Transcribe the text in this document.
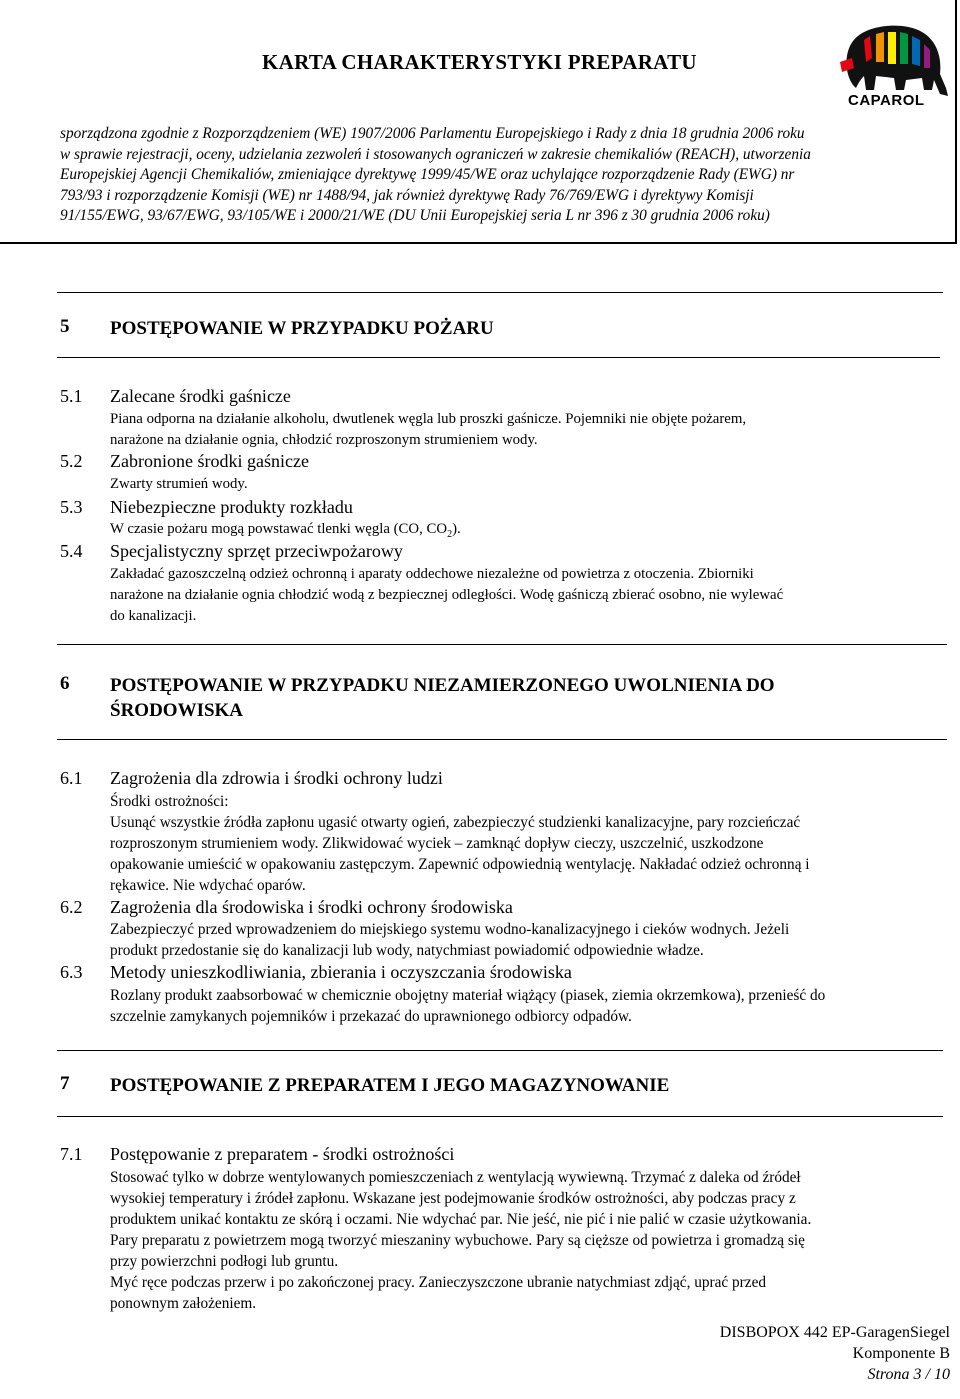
KARTA CHARAKTERYSTYKI PREPARATU
CAPAROL
sporządzona zgodnie z Rozporządzeniem (WE) 1907/2006 Parlamentu Europejskiego i Rady z dnia 18 grudnia 2006 roku
w sprawie rejestracji, oceny, udzielania zezwoleń i stosowanych ograniczeń w zakresie chemikaliów (REACH), utworzenia
Europejskiej Agencji Chemikaliów, zmieniające dyrektywę 1999/45/WE oraz uchylające rozporządzenie Rady (EWG) nr
793/93 i rozporządzenie Komisji (WE) nr 1488/94, jak również dyrektywę Rady 76/769/EWG i dyrektywy Komisji
91/155/EWG, 93/67/EWG, 93/105/WE i 2000/21/WE (DU Unii Europejskiej seria L nr 396 z 30 grudnia 2006 roku)
5 POSTĘPOWANIE W PRZYPADKU POŻARU
5.1 Zalecane środki gaśnicze
Piana odporna na działanie alkoholu, dwutlenek węgla lub proszki gaśnicze. Pojemniki nie objęte pożarem,
narażone na działanie ognia, chłodzić rozproszonym strumieniem wody.
5.2 Zabronione środki gaśnicze
Zwarty strumień wody.
5.3 Niebezpieczne produkty rozkładu
W czasie pożaru mogą powstawać tlenki węgla (CO, $CO_2$).
5.4 Specjalistyczny sprzęt przeciwpożarowy
Zakładać gazoszczelną odzież ochronną i aparaty oddechowe niezależne od powietrza z otoczenia. Zbiorniki
narażone na działanie ognia chłodzić wodą z bezpiecznej odległości. Wodę gaśniczą zbierać osobno, nie wylewać
do kanalizacji.
6 POSTĘPOWANIE W PRZYPADKU NIEZAMIERZONEGO UWOLNIENIA DO
ŚRODOWISKA
6.1 Zagrożenia dla zdrowia i środki ochrony ludzi
Środki ostrożności:
Usunąć wszystkie źródła zapłonu ugasić otwarty ogień, zabezpieczyć studzienki kanalizacyjne, pary rozcieńczać
rozproszonym strumieniem wody. Zlikwidować wyciek – zamknąć dopływ cieczy, uszczelnić, uszkodzone
opakowanie umieścić w opakowaniu zastępczym. Zapewnić odpowiednią wentylację. Nakładać odzież ochronną i
rękawice. Nie wdychać oparów.
6.2 Zagrożenia dla środowiska i środki ochrony środowiska
Zabezpieczyć przed wprowadzeniem do miejskiego systemu wodno-kanalizacyjnego i cieków wodnych. Jeżeli
produkt przedostanie się do kanalizacji lub wody, natychmiast powiadomić odpowiednie władze.
6.3 Metody unieszkodliwiania, zbierania i oczyszczania środowiska
Rozlany produkt zaabsorbować w chemicznie obojętny materiał wiążący (piasek, ziemia okrzemkowa), przenieść do
szczelnie zamykanych pojemników i przekazać do uprawnionego odbiorcy odpadów.
7 POSTĘPOWANIE Z PREPARATEM I JEGO MAGAZYNOWANIE
7.1 Postępowanie z preparatem - środki ostrożności
Stosować tylko w dobrze wentylowanych pomieszczeniach z wentylacją wywiewną. Trzymać z daleka od źródeł
wysokiej temperatury i źródeł zapłonu. Wskazane jest podejmowanie środków ostrożności, aby podczas pracy z
produktem unikać kontaktu ze skórą i oczami. Nie wdychać par. Nie jeść, nie pić i nie palić w czasie użytkowania.
Pary preparatu z powietrzem mogą tworzyć mieszaniny wybuchowe. Pary są cięższe od powietrza i gromadzą się
przy powierzchni podłogi lub gruntu.
Myć ręce podczas przerw i po zakończonej pracy. Zanieczyszczone ubranie natychmiast zdjąć, uprać przed
ponownym założeniem.
DISBOPOX 442 EP-GaragenSiegel
Komponente B
Strona 3 / 10
